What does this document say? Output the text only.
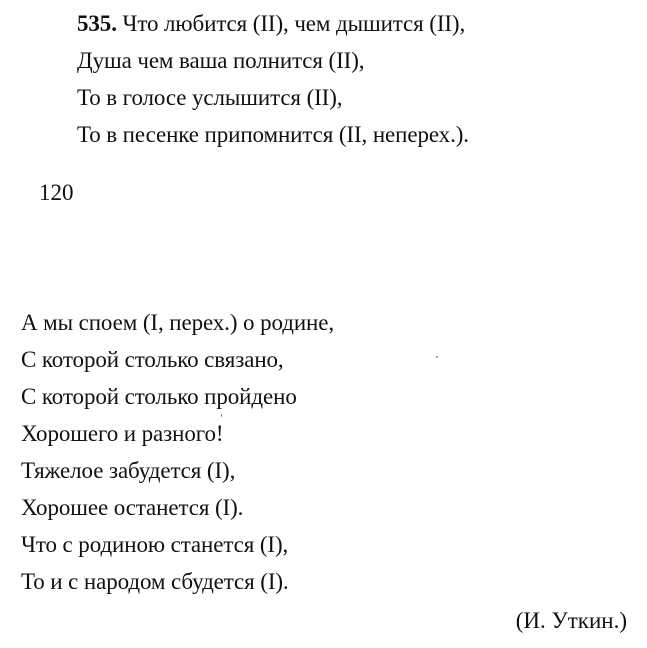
535. Что любится (II), чем дышится (II),
Душа чем ваша полнится (II),
То в голосе услышится (II),
То в песенке припомнится (II, неперех.).
120
А мы споем (I, перех.) о родине,
С которой столько связано,
С которой столько пройдено
Хорошего и разного!
Тяжелое забудется (I),
Хорошее останется (I).
Что с родиною станется (I),
То и с народом сбудется (I).
(И. Уткин.)
